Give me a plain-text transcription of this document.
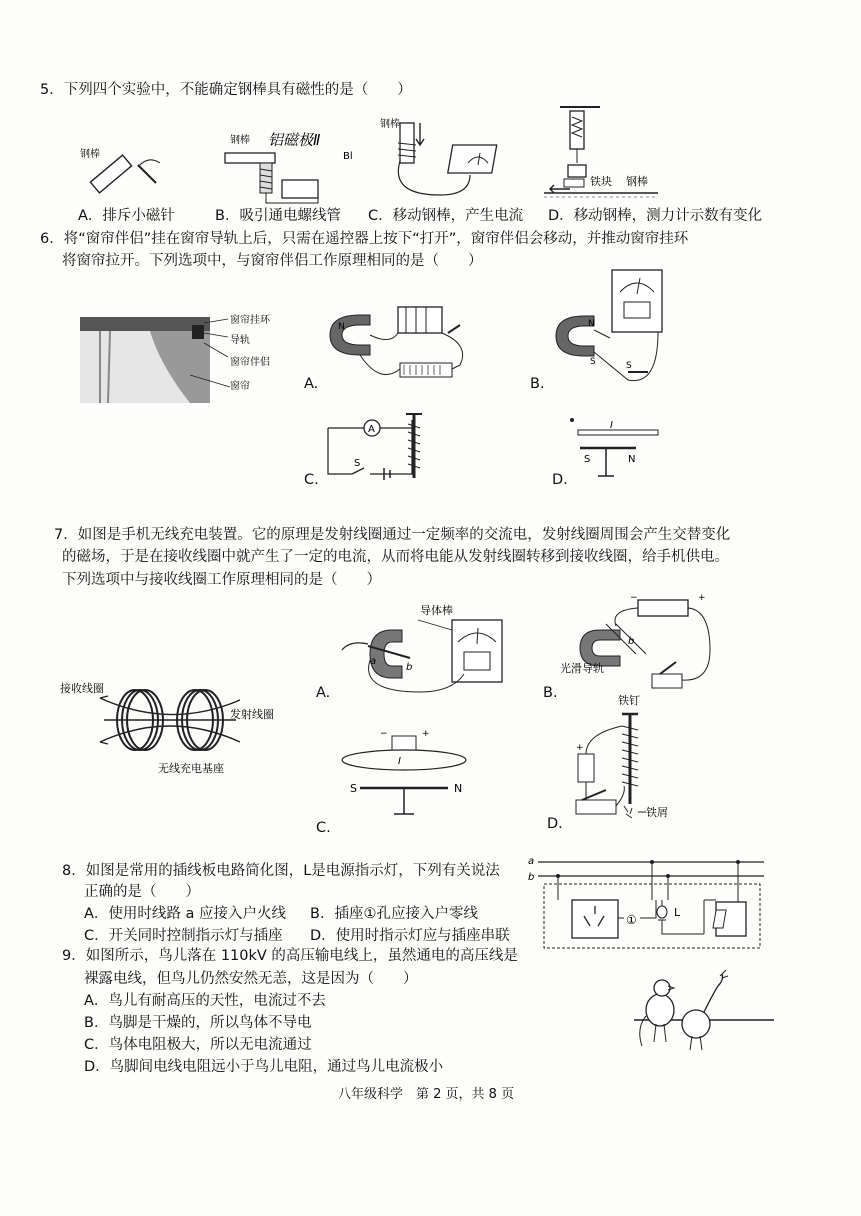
5．下列四个实验中，不能确定钢棒具有磁性的是（　　）
钢棒
钢棒 铝磁极Ⅱ
Bl
钢棒
铁块 钢棒
A．排斥小磁针	B．吸引通电螺线管 C．移动钢棒，产生电流 D．移动钢棒，测力计示数有变化
6．将“窗帘伴侣”挂在窗帘导轨上后，只需在遥控器上按下“打开”，窗帘伴侣会移动，并推动窗帘挂环
将窗帘拉开。下列选项中，与窗帘伴侣工作原理相同的是（　　）
窗帘挂环
导轨
窗帘伴侣
窗帘	A.
N
B.
N
S	S
C.
A
S
D.
I
S	N
7．如图是手机无线充电装置。它的原理是发射线圈通过一定频率的交流电，发射线圈周围会产生交替变化
的磁场，于是在接收线圈中就产生了一定的电流，从而将电能从发射线圈转移到接收线圈，给手机供电。
下列选项中与接收线圈工作原理相同的是（　　）
接收线圈
发射线圈
无线充电基座
A.
导体棒
a
b
B.
−	+
b
光滑导轨
C.
−	+
I
S	N
D.
铁钉
+
铁屑
8．如图是常用的插线板电路简化图，L是电源指示灯，下列有关说法
正确的是（　　）
A．使用时线路 a 应接入户火线 B．插座①孔应接入户零线
C．开关同时控制指示灯与插座 D．使用时指示灯应与插座串联
a
b
①
L
9．如图所示，鸟儿落在 110kV 的高压输电线上，虽然通电的高压线是
裸露电线，但鸟儿仍然安然无恙，这是因为（　　）
A．鸟儿有耐高压的天性，电流过不去
B．鸟脚是干燥的，所以鸟体不导电
C．鸟体电阻极大，所以无电流通过
D．鸟脚间电线电阻远小于鸟儿电阻，通过鸟儿电流极小
八年级科学　第 2 页，共 8 页
